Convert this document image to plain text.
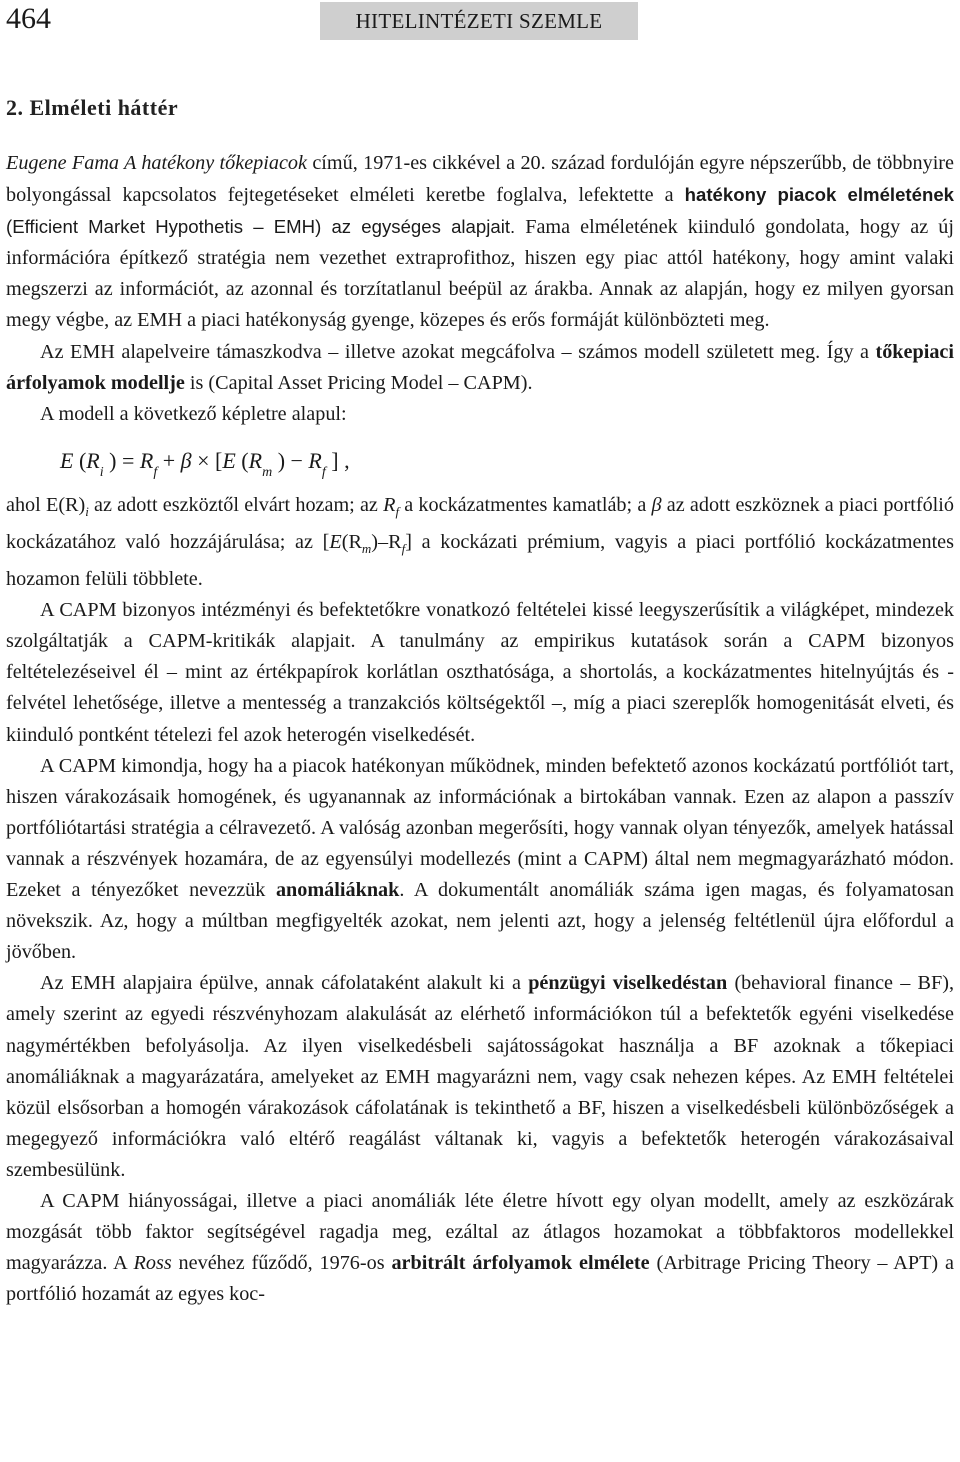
464	HITELINTÉZETI SZEMLE
2. Elméleti háttér

Eugene Fama A hatékony tőkepiacok című, 1971-es cikkével a 20. század fordulóján egyre népszerűbb, de többnyire bolyongással kapcsolatos fejtegetéseket elméleti keretbe foglalva, lefektette a hatékony piacok elméletének (Efficient Market Hypothetis – EMH) az egységes alapjait. Fama elméletének kiinduló gondolata, hogy az új információra építkező stratégia nem vezethet extraprofithoz, hiszen egy piac attól hatékony, hogy amint valaki megszerzi az információt, az azonnal és torzítatlanul beépül az árakba. Annak az alapján, hogy ez milyen gyorsan megy végbe, az EMH a piaci hatékonyság gyenge, közepes és erős formáját különbözteti meg.

Az EMH alapelveire támaszkodva – illetve azokat megcáfolva – számos modell született meg. Így a tőkepiaci árfolyamok modellje is (Capital Asset Pricing Model – CAPM).

A modell a következő képletre alapul:

E ($R_i$ ) = $R_f + \beta \times [E$ ($R_m$ ) − $R_f$ ] ,

ahol $E(R)_i$ az adott eszköztől elvárt hozam; az $R_f$ a kockázatmentes kamatláb; a β az adott eszköznek a piaci portfólió kockázatához való hozzájárulása; az $[E(R_m)-R_f]$ a kockázati prémium, vagyis a piaci portfólió kockázatmentes hozamon felüli többlete.

A CAPM bizonyos intézményi és befektetőkre vonatkozó feltételei kissé leegyszerűsítik a világképet, mindezek szolgáltatják a CAPM-kritikák alapjait. A tanulmány az empirikus kutatások során a CAPM bizonyos feltételezéseivel él – mint az értékpapírok korlátlan oszthatósága, a shortolás, a kockázatmentes hitelnyújtás és -felvétel lehetősége, illetve a mentesség a tranzakciós költségektől –, míg a piaci szereplők homogenitását elveti, és kiinduló pontként tételezi fel azok heterogén viselkedését.

A CAPM kimondja, hogy ha a piacok hatékonyan működnek, minden befektető azonos kockázatú portfóliót tart, hiszen várakozásaik homogének, és ugyanannak az információnak a birtokában vannak. Ezen az alapon a passzív portfóliótartási stratégia a célravezető. A valóság azonban megerősíti, hogy vannak olyan tényezők, amelyek hatással vannak a részvények hozamára, de az egyensúlyi modellezés (mint a CAPM) által nem megmagyarázható módon. Ezeket a tényezőket nevezzük anomáliáknak. A dokumentált anomáliák száma igen magas, és folyamatosan növekszik. Az, hogy a múltban megfigyelték azokat, nem jelenti azt, hogy a jelenség feltétlenül újra előfordul a jövőben.

Az EMH alapjaira épülve, annak cáfolataként alakult ki a pénzügyi viselkedéstan (behavioral finance – BF), amely szerint az egyedi részvényhozam alakulását az elérhető információkon túl a befektetők egyéni viselkedése nagymértékben befolyásolja. Az ilyen viselkedésbeli sajátosságokat használja a BF azoknak a tőkepiaci anomáliáknak a magyarázatára, amelyeket az EMH magyarázni nem, vagy csak nehezen képes. Az EMH feltételei közül elsősorban a homogén várakozások cáfolatának is tekinthető a BF, hiszen a viselkedésbeli különbözőségek a megegyező információkra való eltérő reagálást váltanak ki, vagyis a befektetők heterogén várakozásaival szembesülünk.

A CAPM hiányosságai, illetve a piaci anomáliák léte életre hívott egy olyan modellt, amely az eszközárak mozgását több faktor segítségével ragadja meg, ezáltal az átlagos hozamokat a többfaktoros modellekkel magyarázza. A Ross nevéhez fűződő, 1976-os arbitrált árfolyamok elmélete (Arbitrage Pricing Theory – APT) a portfólió hozamát az egyes koc-
